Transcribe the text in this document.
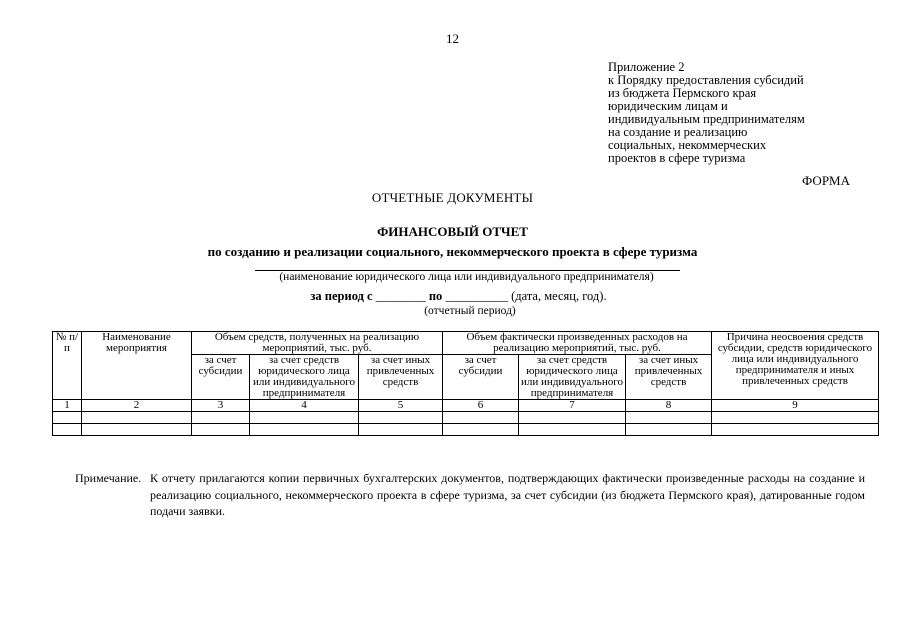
12
Приложение 2
к Порядку предоставления субсидий
из бюджета Пермского края
юридическим лицам и
индивидуальным предпринимателям
на создание и реализацию
социальных, некоммерческих
проектов в сфере туризма
ФОРМА
ОТЧЕТНЫЕ ДОКУМЕНТЫ
ФИНАНСОВЫЙ ОТЧЕТ
по созданию и реализации социального, некоммерческого проекта в сфере туризма
(наименование юридического лица или индивидуального предпринимателя)
за период с ________ по __________ (дата, месяц, год).
(отчетный период)
№ п/п	Наименование мероприятия	Объем средств, полученных на реализацию мероприятий, тыс. руб.			Объем фактически произведенных расходов на реализацию мероприятий, тыс. руб.			Причина неосвоения средств субсидии, средств юридического лица или индивидуального предпринимателя и иных привлеченных средств
		за счет субсидии	за счет средств юридического лица или индивидуального предпринимателя	за счет иных привлеченных средств	за счет субсидии	за счет средств юридического лица или индивидуального предпринимателя	за счет иных привлеченных средств	
1	2	3	4	5	6	7	8	9

Примечание. К отчету прилагаются копии первичных бухгалтерских документов, подтверждающих фактически произведенные расходы на создание и реализацию социального, некоммерческого проекта в сфере туризма, за счет субсидии (из бюджета Пермского края), датированные годом подачи заявки.
